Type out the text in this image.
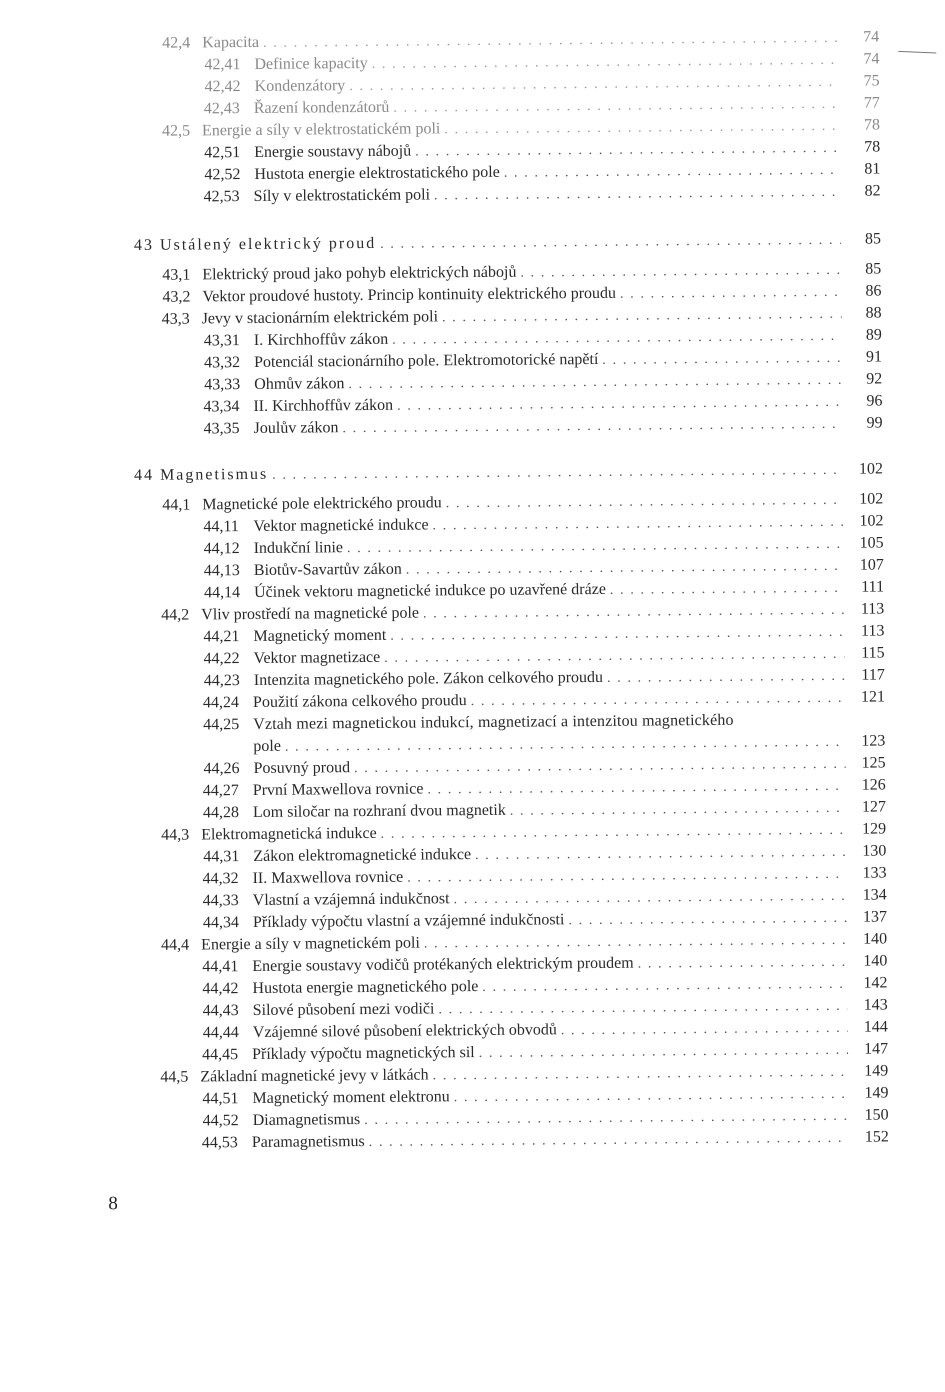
42,4 Kapacita . . .	74
42,41 Definice kapacity . . .	74
42,42 Kondenzátory . . .	75
42,43 Řazení kondenzátorů . . .	77
42,5 Energie a síly v elektrostatickém poli . . .	78
42,51 Energie soustavy nábojů . . .	78
42,52 Hustota energie elektrostatického pole . . .	81
42,53 Síly v elektrostatickém poli . . .	82
43 Ustálený elektrický proud . . .	85
43,1 Elektrický proud jako pohyb elektrických nábojů . . .	85
43,2 Vektor proudové hustoty. Princip kontinuity elektrického proudu . . .	86
43,3 Jevy v stacionárním elektrickém poli . . .	88
43,31 I. Kirchhoffův zákon . . .	89
43,32 Potenciál stacionárního pole. Elektromotorické napětí . . .	91
43,33 Ohmův zákon . . .	92
43,34 II. Kirchhoffův zákon . . .	96
43,35 Joulův zákon . . .	99
44 Magnetismus . . .	102
44,1 Magnetické pole elektrického proudu . . .	102
44,11 Vektor magnetické indukce . . .	102
44,12 Indukční linie . . .	105
44,13 Biotův-Savartův zákon . . .	107
44,14 Účinek vektoru magnetické indukce po uzavřené dráze . . .	111
44,2 Vliv prostředí na magnetické pole . . .	113
44,21 Magnetický moment . . .	113
44,22 Vektor magnetizace . . .	115
44,23 Intenzita magnetického pole. Zákon celkového proudu . . .	117
44,24 Použití zákona celkového proudu . . .	121
44,25 Vztah mezi magnetickou indukcí, magnetizací a intenzitou magnetického
pole . . .	123
44,26 Posuvný proud . . .	125
44,27 První Maxwellova rovnice . . .	126
44,28 Lom siločar na rozhraní dvou magnetik . . .	127
44,3 Elektromagnetická indukce . . .	129
44,31 Zákon elektromagnetické indukce . . .	130
44,32 II. Maxwellova rovnice . . .	133
44,33 Vlastní a vzájemná indukčnost . . .	134
44,34 Příklady výpočtu vlastní a vzájemné indukčnosti . . .	137
44,4 Energie a síly v magnetickém poli . . .	140
44,41 Energie soustavy vodičů protékaných elektrickým proudem . . .	140
44,42 Hustota energie magnetického pole . . .	142
44,43 Silové působení mezi vodiči . . .	143
44,44 Vzájemné silové působení elektrických obvodů . . .	144
44,45 Příklady výpočtu magnetických sil . . .	147
44,5 Základní magnetické jevy v látkách . . .	149
44,51 Magnetický moment elektronu . . .	149
44,52 Diamagnetismus . . .	150
44,53 Paramagnetismus . . .	152
8
